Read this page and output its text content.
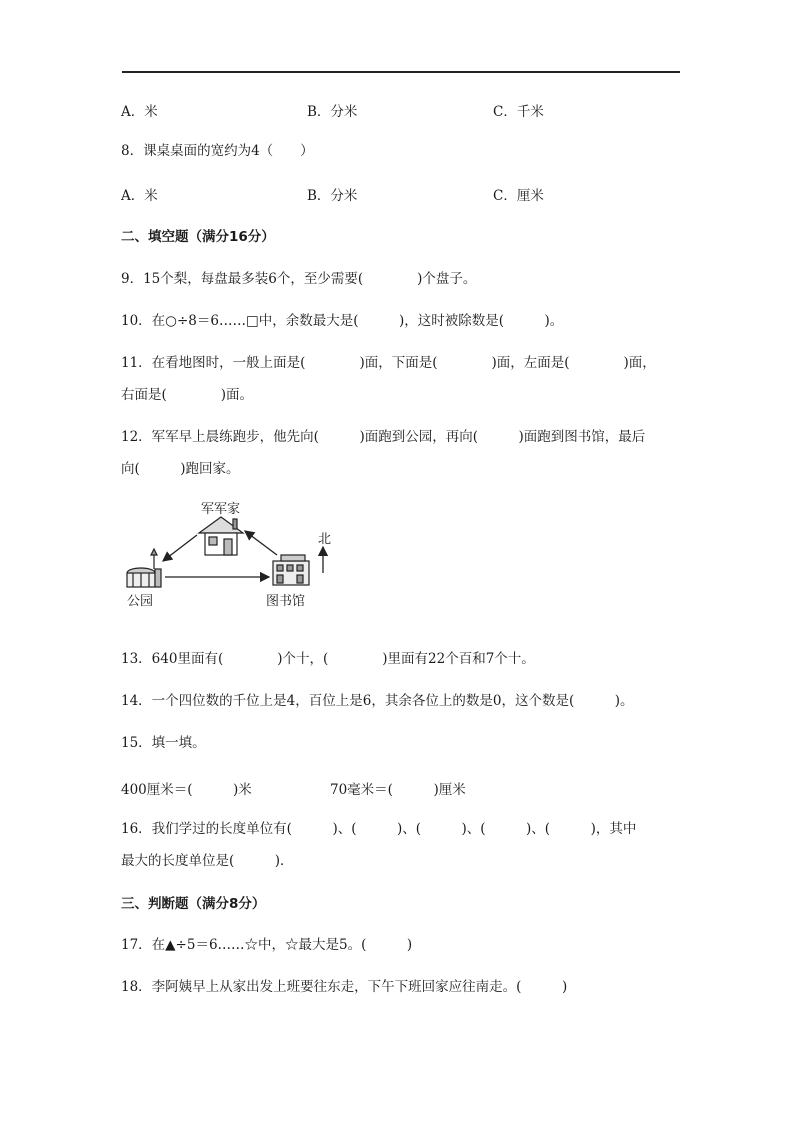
A．米	B．分米	C．千米
8．课桌桌面的宽约为4（　　）
A．米	B．分米	C．厘米
二、填空题（满分16分）
9．15个梨，每盘最多装6个，至少需要(　　　　)个盘子。
10．在○÷8＝6……□中，余数最大是(　　　)，这时被除数是(　　　)。
11．在看地图时，一般上面是(　　　　)面，下面是(　　　　)面，左面是(　　　　)面，
右面是(　　　　)面。
12．军军早上晨练跑步，他先向(　　　)面跑到公园，再向(　　　)面跑到图书馆，最后
向(　　　)跑回家。
军军家
公园	图书馆
北
13．640里面有(　　　　)个十，(　　　　)里面有22个百和7个十。
14．一个四位数的千位上是4，百位上是6，其余各位上的数是0，这个数是(　　　)。
15．填一填。
400厘米＝(　　　)米	70毫米＝(　　　)厘米
16．我们学过的长度单位有(　　　)、(　　　)、(　　　)、(　　　)、(　　　)，其中
最大的长度单位是(　　　)．
三、判断题（满分8分）
17．在▲÷5＝6……☆中，☆最大是5。(　　　)
18．李阿姨早上从家出发上班要往东走，下午下班回家应往南走。(　　　)
